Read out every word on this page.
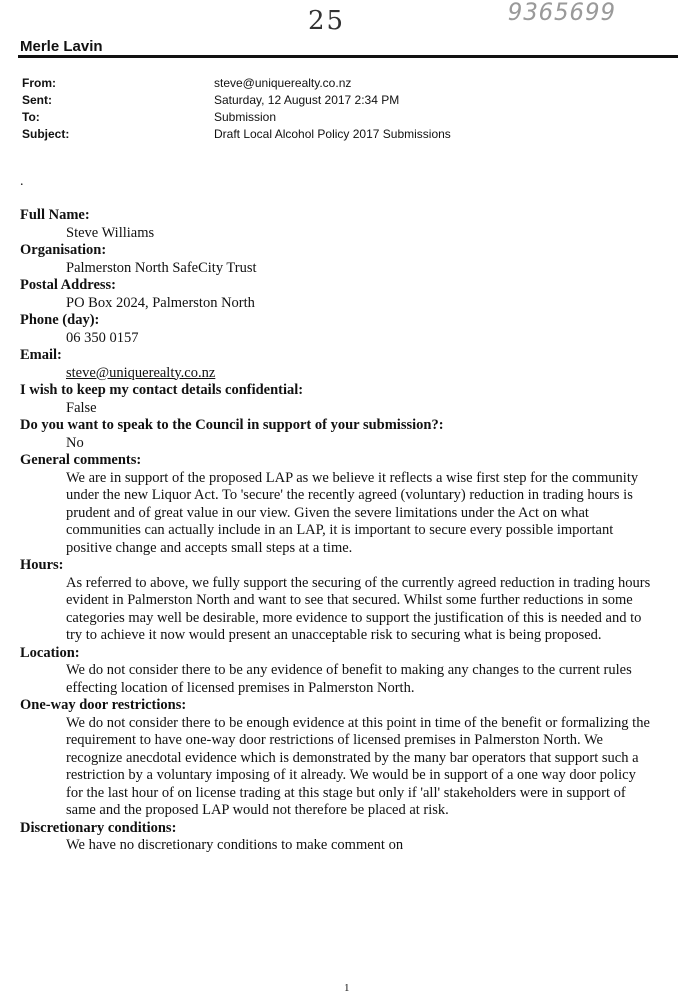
25	9365699
Merle Lavin
From:	steve@uniquerealty.co.nz
Sent:	Saturday, 12 August 2017 2:34 PM
To:	Submission
Subject:	Draft Local Alcohol Policy 2017 Submissions
.
Full Name:
Steve Williams
Organisation:
Palmerston North SafeCity Trust
Postal Address:
PO Box 2024, Palmerston North
Phone (day):
06 350 0157
Email:
steve@uniquerealty.co.nz
I wish to keep my contact details confidential:
False
Do you want to speak to the Council in support of your submission?:
No
General comments:
We are in support of the proposed LAP as we believe it reflects a wise first step for the community
under the new Liquor Act. To 'secure' the recently agreed (voluntary) reduction in trading hours is
prudent and of great value in our view. Given the severe limitations under the Act on what
communities can actually include in an LAP, it is important to secure every possible important
positive change and accepts small steps at a time.
Hours:
As referred to above, we fully support the securing of the currently agreed reduction in trading hours
evident in Palmerston North and want to see that secured. Whilst some further reductions in some
categories may well be desirable, more evidence to support the justification of this is needed and to
try to achieve it now would present an unacceptable risk to securing what is being proposed.
Location:
We do not consider there to be any evidence of benefit to making any changes to the current rules
effecting location of licensed premises in Palmerston North.
One-way door restrictions:
We do not consider there to be enough evidence at this point in time of the benefit or formalizing the
requirement to have one-way door restrictions of licensed premises in Palmerston North. We
recognize anecdotal evidence which is demonstrated by the many bar operators that support such a
restriction by a voluntary imposing of it already. We would be in support of a one way door policy
for the last hour of on license trading at this stage but only if 'all' stakeholders were in support of
same and the proposed LAP would not therefore be placed at risk.
Discretionary conditions:
We have no discretionary conditions to make comment on
1
